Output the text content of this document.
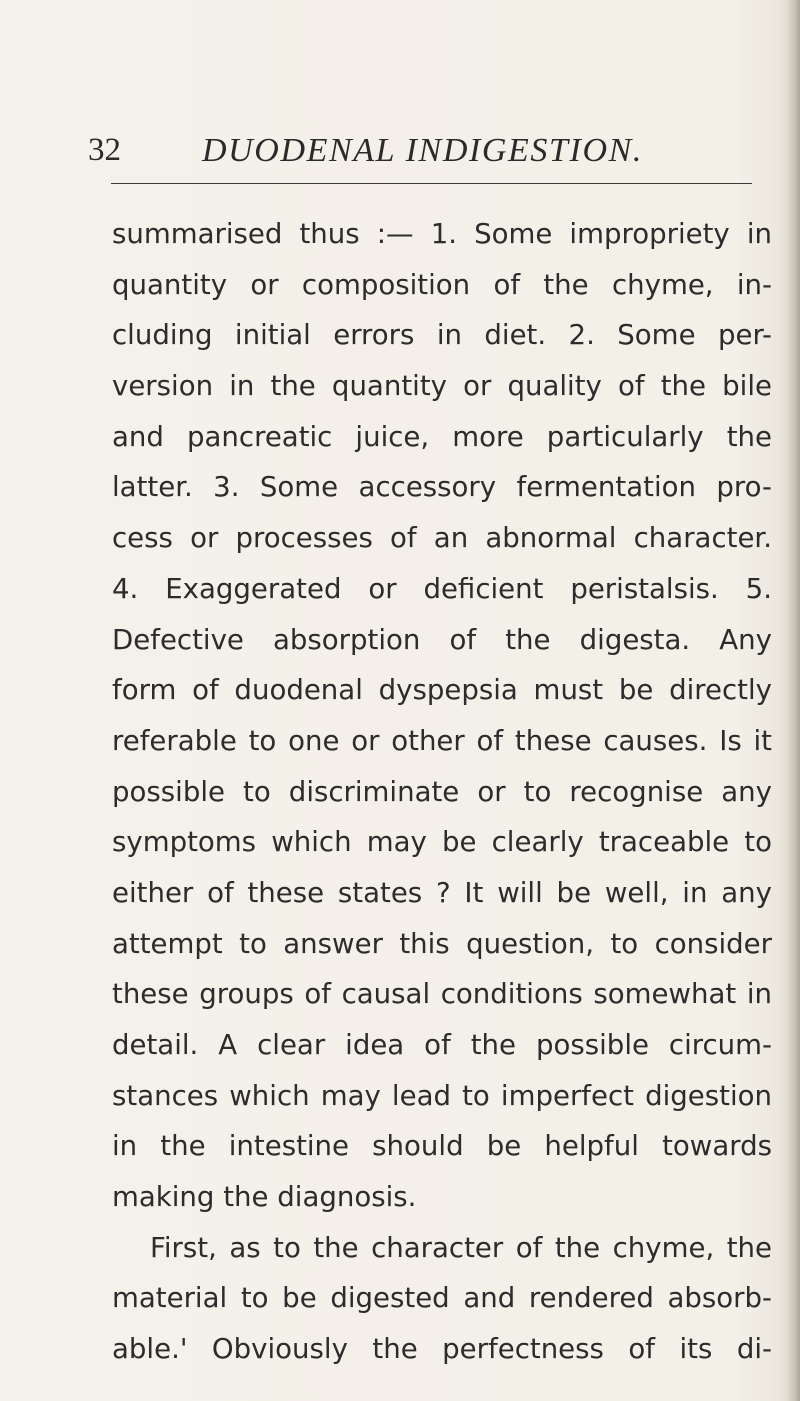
32 DUODENAL INDIGESTION.
summarised thus :— 1. Some impropriety in
quantity or composition of the chyme, in-
cluding initial errors in diet. 2. Some per-
version in the quantity or quality of the bile
and pancreatic juice, more particularly the
latter. 3. Some accessory fermentation pro-
cess or processes of an abnormal character.
4. Exaggerated or deficient peristalsis. 5.
Defective absorption of the digesta. Any
form of duodenal dyspepsia must be directly
referable to one or other of these causes. Is it
possible to discriminate or to recognise any
symptoms which may be clearly traceable to
either of these states ? It will be well, in any
attempt to answer this question, to consider
these groups of causal conditions somewhat in
detail. A clear idea of the possible circum-
stances which may lead to imperfect digestion
in the intestine should be helpful towards
making the diagnosis.
First, as to the character of the chyme, the
material to be digested and rendered absorb-
able.' Obviously the perfectness of its di-
